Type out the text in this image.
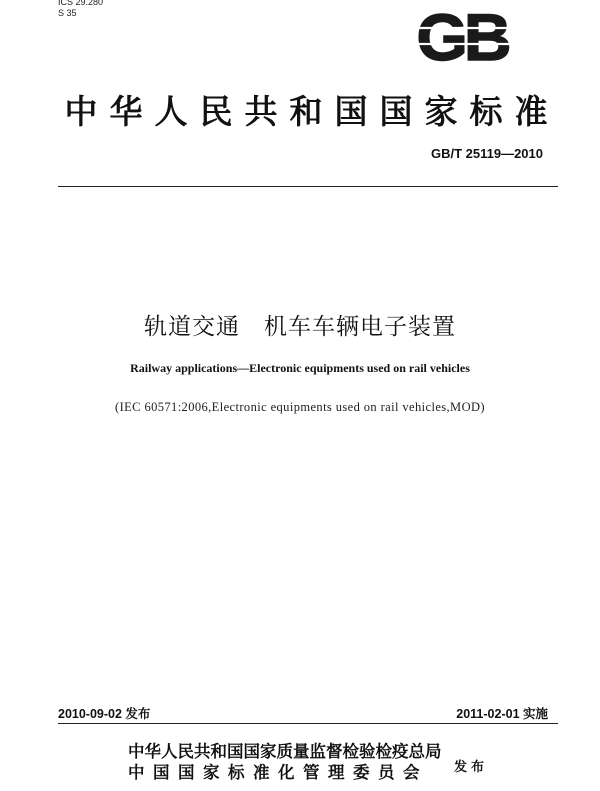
ICS 29.280
S 35	GB
中华人民共和国国家标准
GB/T 25119—2010
轨道交通　机车车辆电子装置
Railway applications—Electronic equipments used on rail vehicles
(IEC 60571:2006,Electronic equipments used on rail vehicles,MOD)
2010-09-02 发布	2011-02-01 实施
中华人民共和国国家质量监督检验检疫总局
中国国家标准化管理委员会	发布
